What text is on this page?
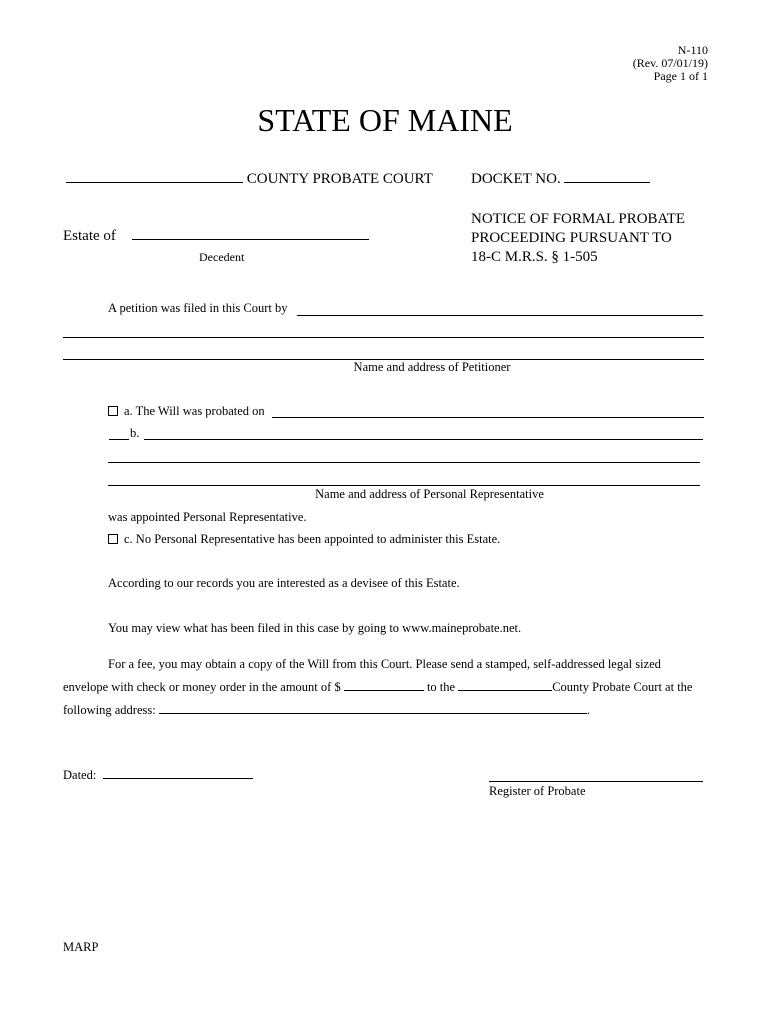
N-110
(Rev. 07/01/19)
Page 1 of 1
STATE OF MAINE
COUNTY PROBATE COURT	DOCKET NO.
Estate of
Decedent
NOTICE OF FORMAL PROBATE
PROCEEDING PURSUANT TO
18-C M.R.S. § 1-505
A petition was filed in this Court by
Name and address of Petitioner
a. The Will was probated on
b.
Name and address of Personal Representative
was appointed Personal Representative.
c. No Personal Representative has been appointed to administer this Estate.
According to our records you are interested as a devisee of this Estate.
You may view what has been filed in this case by going to www.maineprobate.net.
For a fee, you may obtain a copy of the Will from this Court. Please send a stamped, self-addressed legal sized
envelope with check or money order in the amount of $	to the	County Probate Court at the
following address:	.
Dated:
Register of Probate
MARP
